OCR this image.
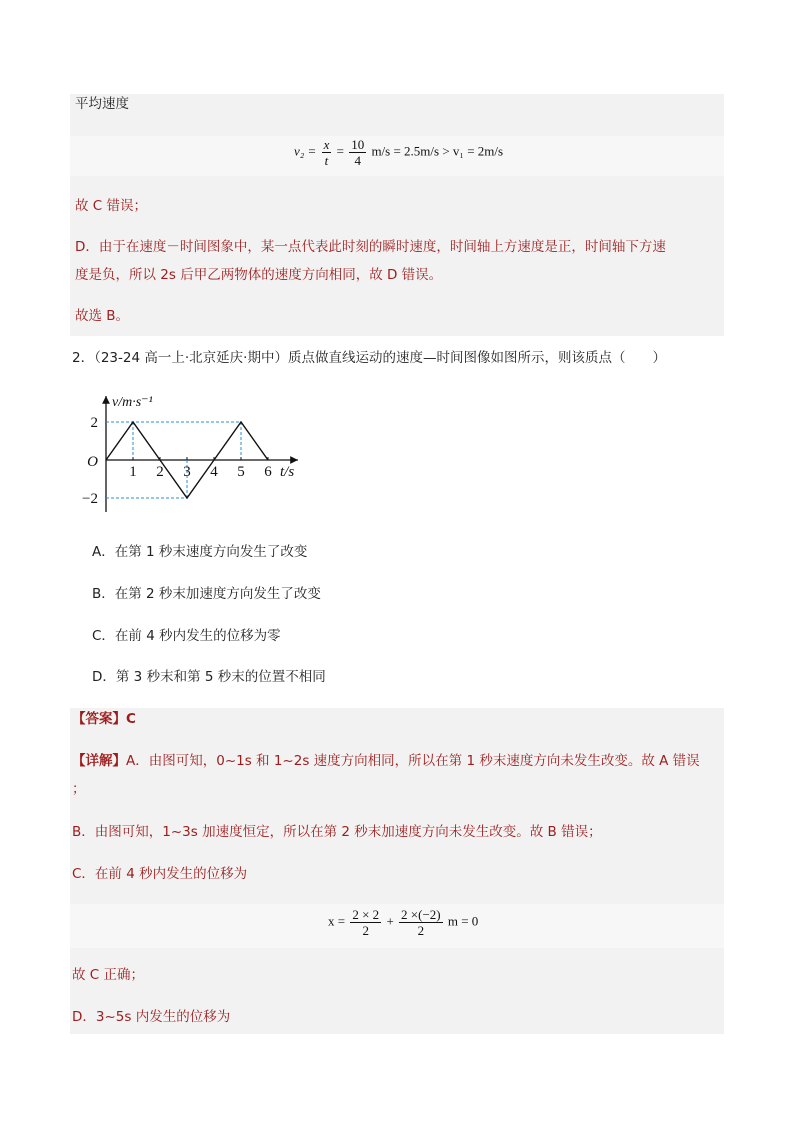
平均速度
$v_2 = \frac{x}{t} = \frac{10}{4} m/s = 2.5m/s > v_1 = 2m/s$
故 C 错误；
D．由于在速度－时间图象中，某一点代表此时刻的瞬时速度，时间轴上方速度是正，时间轴下方速
度是负，所以 2s 后甲乙两物体的速度方向相同，故 D 错误。
故选 B。
2．（23-24 高一上·北京延庆·期中）质点做直线运动的速度—时间图像如图所示，则该质点（　　）
1 2 3 4 5 6
2
−2
O
v/m·s⁻¹
t/s
A．在第 1 秒末速度方向发生了改变
B．在第 2 秒末加速度方向发生了改变
C．在前 4 秒内发生的位移为零
D．第 3 秒末和第 5 秒末的位置不相同
【答案】C
【详解】A．由图可知，0~1s 和 1~2s 速度方向相同，所以在第 1 秒末速度方向未发生改变。故 A 错误
；
B．由图可知，1~3s 加速度恒定，所以在第 2 秒末加速度方向未发生改变。故 B 错误；
C．在前 4 秒内发生的位移为
$x = \frac{2 \times 2}{2} + \frac{2 \times(-2)}{2}$ m = 0
故 C 正确；
D．3~5s 内发生的位移为
